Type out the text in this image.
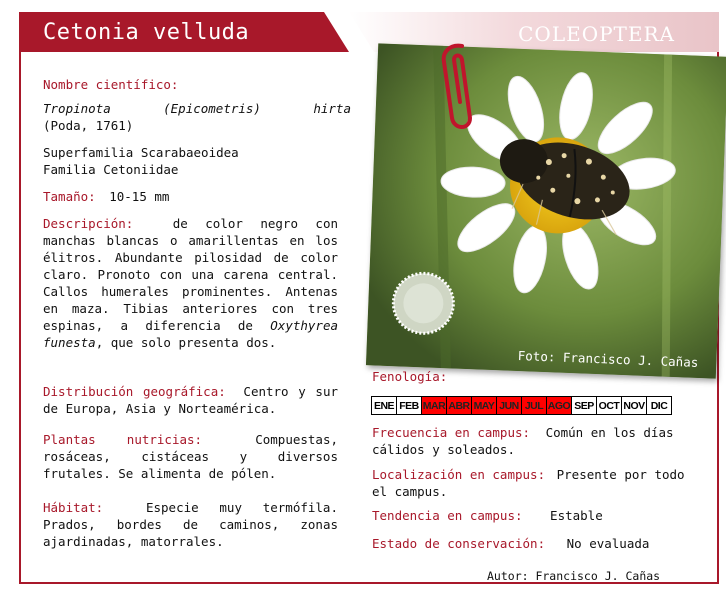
Cetonia velluda	COLEOPTERA
Nombre científico:
Tropinota	(Epicometris)	hirta
(Poda, 1761)
Superfamilia Scarabaeoidea
Familia Cetoniidae
Tamaño: 10-15 mm
Descripción:	de color negro con manchas blancas o amarillentas en los élitros. Abundante pilosidad de color claro. Pronoto con una carena central. Callos humerales prominentes. Antenas en maza. Tibias anteriores con tres espinas, a diferencia de Oxythyrea funesta, que solo presenta dos.
Distribución geográfica: Centro y sur de Europa, Asia y Norteamérica.
Plantas nutricias:	Compuestas, rosáceas, cistáceas y diversos frutales. Se alimenta de pólen.
Hábitat:	Especie muy termófila. Prados, bordes de caminos, zonas ajardinadas, matorrales.
Foto: Francisco J. Cañas
Fenología:
ENE FEB MAR ABR MAY JUN JUL AGO SEP OCT NOV DIC
Frecuencia en campus: Común en los días cálidos y soleados.
Localización en campus: Presente por todo el campus.
Tendencia en campus: Estable
Estado de conservación: No evaluada
Autor: Francisco J. Cañas
